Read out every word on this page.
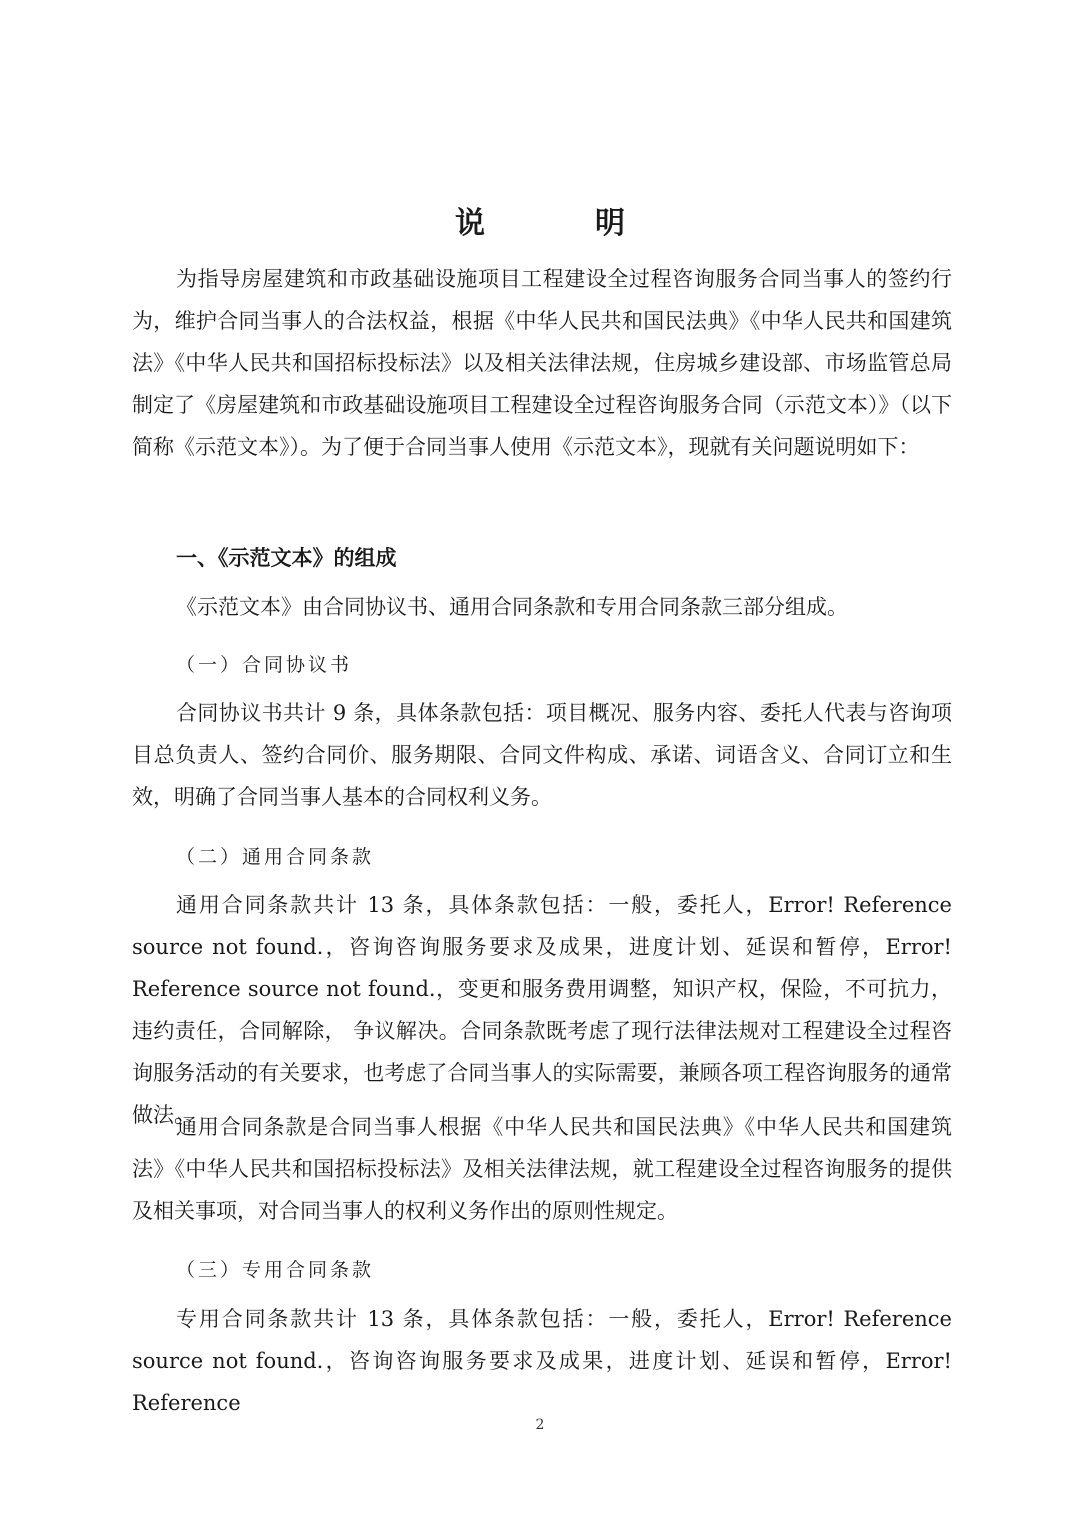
说　明

为指导房屋建筑和市政基础设施项目工程建设全过程咨询服务合同当事人的签约行为，维护合同当事人的合法权益，根据《中华人民共和国民法典》《中华人民共和国建筑法》《中华人民共和国招标投标法》以及相关法律法规，住房城乡建设部、市场监管总局制定了《房屋建筑和市政基础设施项目工程建设全过程咨询服务合同（示范文本）》（以下简称《示范文本》）。为了便于合同当事人使用《示范文本》，现就有关问题说明如下：

一、《示范文本》的组成

《示范文本》由合同协议书、通用合同条款和专用合同条款三部分组成。

（一）合同协议书

合同协议书共计 9 条，具体条款包括：项目概况、服务内容、委托人代表与咨询项目总负责人、签约合同价、服务期限、合同文件构成、承诺、词语含义、合同订立和生效，明确了合同当事人基本的合同权利义务。

（二）通用合同条款

通用合同条款共计 13 条，具体条款包括：一般，委托人，Error! Reference source not found.，咨询咨询服务要求及成果，进度计划、延误和暂停，Error! Reference source not found.，变更和服务费用调整，知识产权，保险，不可抗力，违约责任，合同解除， 争议解决。合同条款既考虑了现行法律法规对工程建设全过程咨询服务活动的有关要求，也考虑了合同当事人的实际需要，兼顾各项工程咨询服务的通常做法。

通用合同条款是合同当事人根据《中华人民共和国民法典》《中华人民共和国建筑法》《中华人民共和国招标投标法》及相关法律法规，就工程建设全过程咨询服务的提供及相关事项，对合同当事人的权利义务作出的原则性规定。

（三）专用合同条款

专用合同条款共计 13 条，具体条款包括：一般，委托人，Error! Reference source not found.，咨询咨询服务要求及成果，进度计划、延误和暂停，Error! Reference

2
